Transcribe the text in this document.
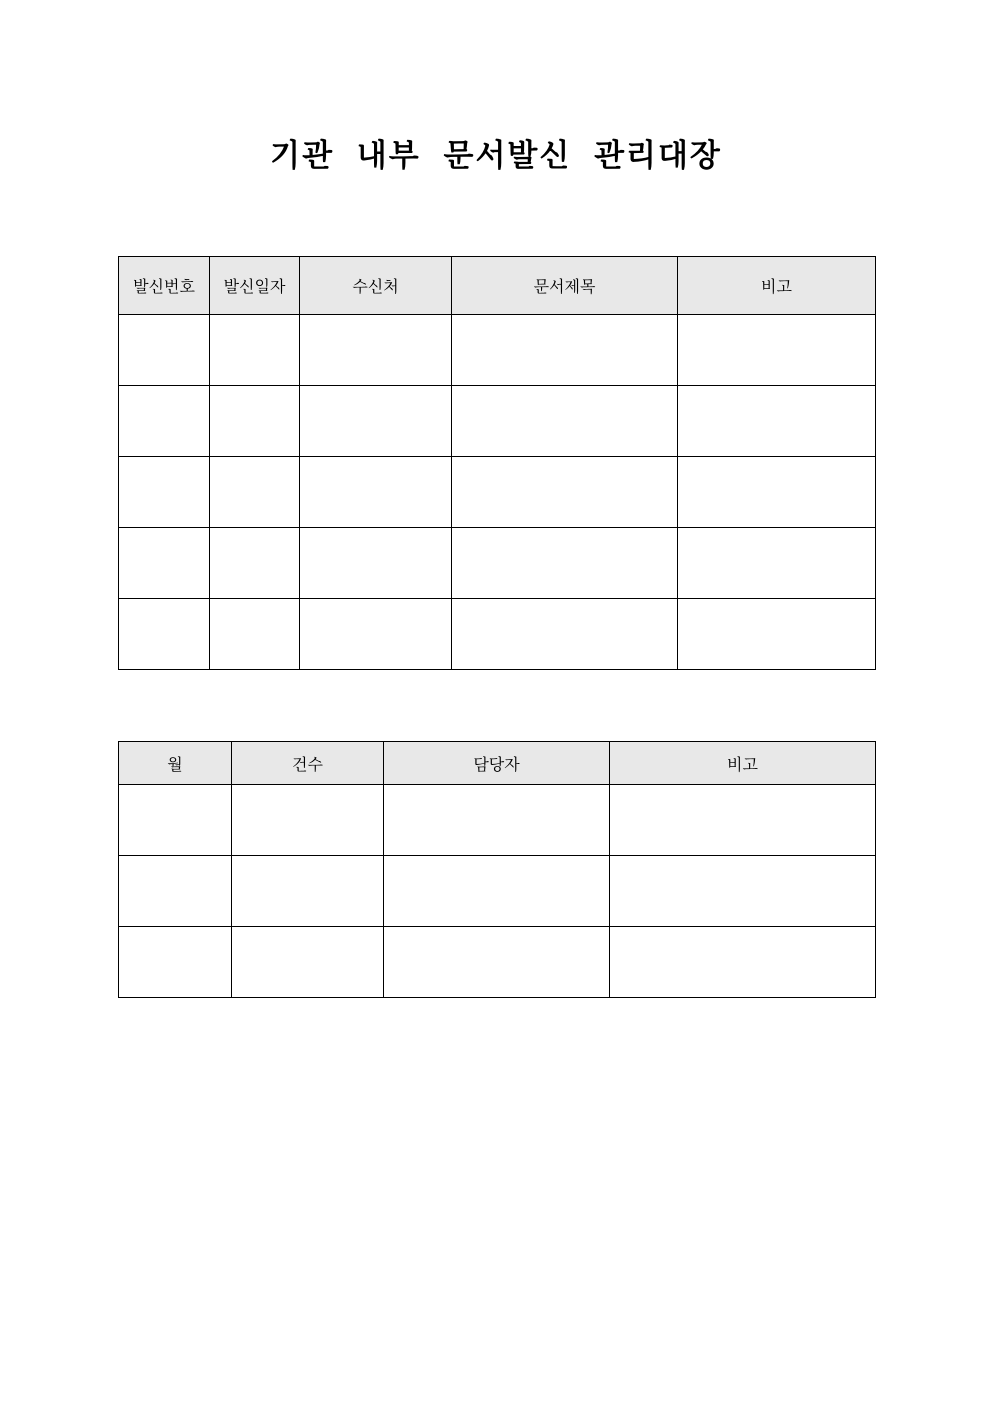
기관 내부 문서발신 관리대장
발신번호	발신일자	수신처	문서제목	비고

월	건수	담당자	비고
